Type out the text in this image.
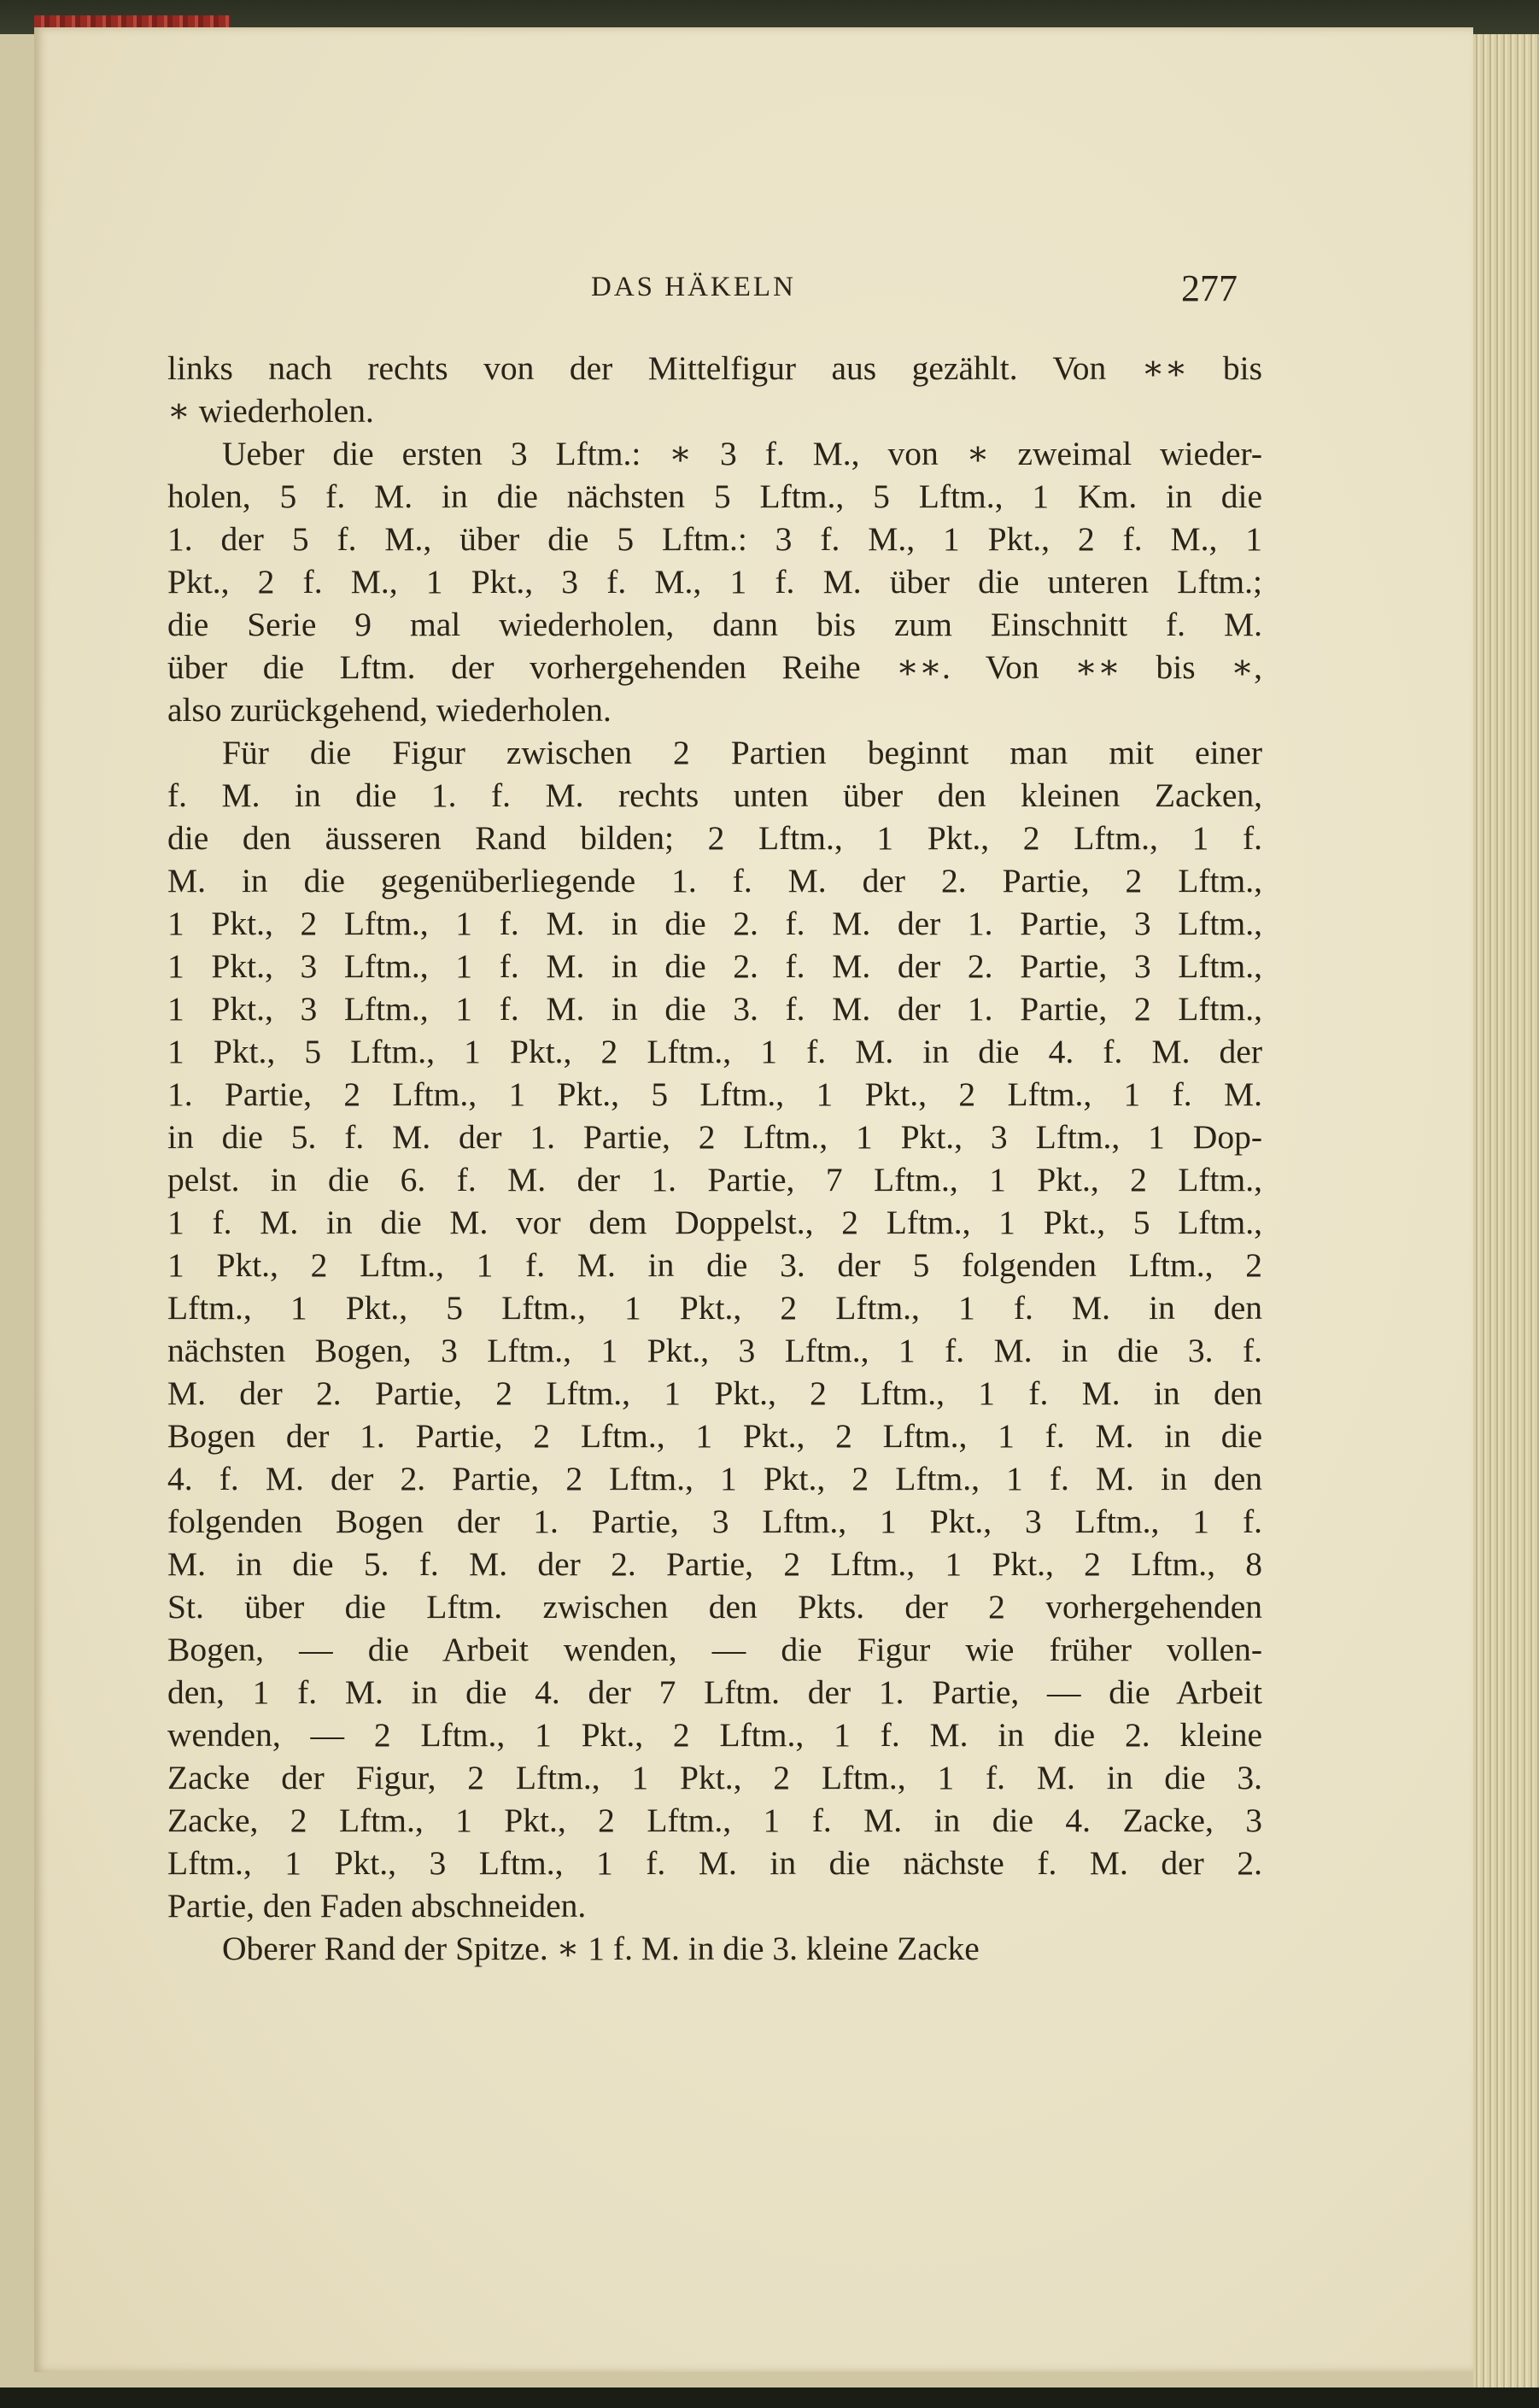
DAS HÄKELN	277
links nach rechts von der Mittelfigur aus gezählt. Von ∗∗ bis
∗ wiederholen.
Ueber die ersten 3 Lftm.: ∗ 3 f. M., von ∗ zweimal wieder-
holen, 5 f. M. in die nächsten 5 Lftm., 5 Lftm., 1 Km. in die
1. der 5 f. M., über die 5 Lftm.: 3 f. M., 1 Pkt., 2 f. M., 1
Pkt., 2 f. M., 1 Pkt., 3 f. M., 1 f. M. über die unteren Lftm.;
die Serie 9 mal wiederholen, dann bis zum Einschnitt f. M.
über die Lftm. der vorhergehenden Reihe ∗∗. Von ∗∗ bis ∗,
also zurückgehend, wiederholen.
Für die Figur zwischen 2 Partien beginnt man mit einer
f. M. in die 1. f. M. rechts unten über den kleinen Zacken,
die den äusseren Rand bilden; 2 Lftm., 1 Pkt., 2 Lftm., 1 f.
M. in die gegenüberliegende 1. f. M. der 2. Partie, 2 Lftm.,
1 Pkt., 2 Lftm., 1 f. M. in die 2. f. M. der 1. Partie, 3 Lftm.,
1 Pkt., 3 Lftm., 1 f. M. in die 2. f. M. der 2. Partie, 3 Lftm.,
1 Pkt., 3 Lftm., 1 f. M. in die 3. f. M. der 1. Partie, 2 Lftm.,
1 Pkt., 5 Lftm., 1 Pkt., 2 Lftm., 1 f. M. in die 4. f. M. der
1. Partie, 2 Lftm., 1 Pkt., 5 Lftm., 1 Pkt., 2 Lftm., 1 f. M.
in die 5. f. M. der 1. Partie, 2 Lftm., 1 Pkt., 3 Lftm., 1 Dop-
pelst. in die 6. f. M. der 1. Partie, 7 Lftm., 1 Pkt., 2 Lftm.,
1 f. M. in die M. vor dem Doppelst., 2 Lftm., 1 Pkt., 5 Lftm.,
1 Pkt., 2 Lftm., 1 f. M. in die 3. der 5 folgenden Lftm., 2
Lftm., 1 Pkt., 5 Lftm., 1 Pkt., 2 Lftm., 1 f. M. in den
nächsten Bogen, 3 Lftm., 1 Pkt., 3 Lftm., 1 f. M. in die 3. f.
M. der 2. Partie, 2 Lftm., 1 Pkt., 2 Lftm., 1 f. M. in den
Bogen der 1. Partie, 2 Lftm., 1 Pkt., 2 Lftm., 1 f. M. in die
4. f. M. der 2. Partie, 2 Lftm., 1 Pkt., 2 Lftm., 1 f. M. in den
folgenden Bogen der 1. Partie, 3 Lftm., 1 Pkt., 3 Lftm., 1 f.
M. in die 5. f. M. der 2. Partie, 2 Lftm., 1 Pkt., 2 Lftm., 8
St. über die Lftm. zwischen den Pkts. der 2 vorhergehenden
Bogen, — die Arbeit wenden, — die Figur wie früher vollen-
den, 1 f. M. in die 4. der 7 Lftm. der 1. Partie, — die Arbeit
wenden, — 2 Lftm., 1 Pkt., 2 Lftm., 1 f. M. in die 2. kleine
Zacke der Figur, 2 Lftm., 1 Pkt., 2 Lftm., 1 f. M. in die 3.
Zacke, 2 Lftm., 1 Pkt., 2 Lftm., 1 f. M. in die 4. Zacke, 3
Lftm., 1 Pkt., 3 Lftm., 1 f. M. in die nächste f. M. der 2.
Partie, den Faden abschneiden.
Oberer Rand der Spitze. ∗ 1 f. M. in die 3. kleine Zacke
